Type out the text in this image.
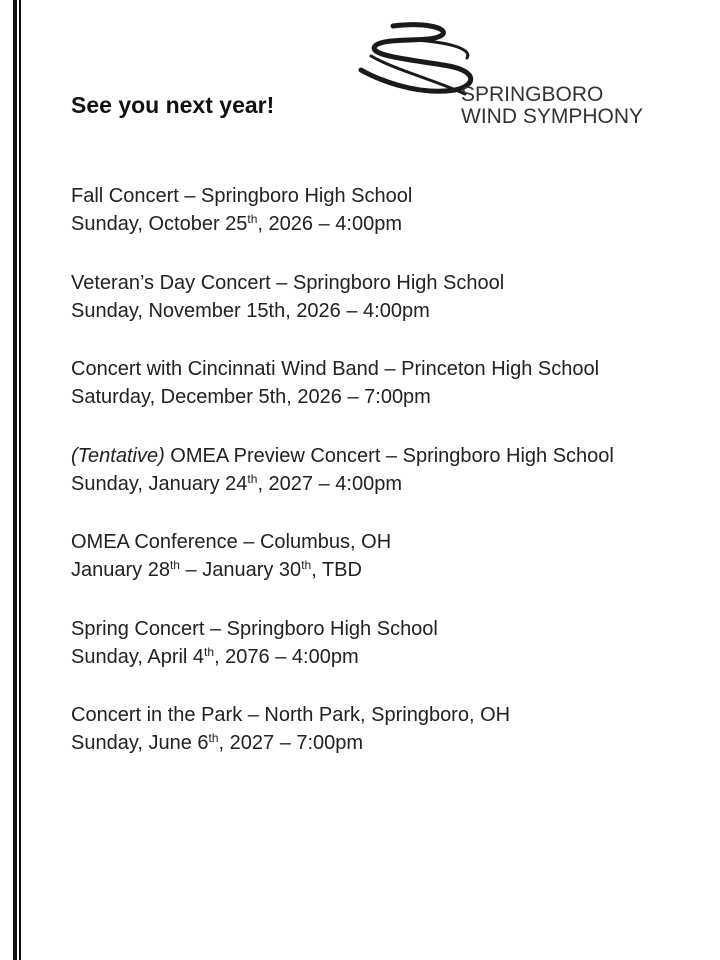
See you next year!	SPRINGBORO
WIND SYMPHONY
Fall Concert – Springboro High School
Sunday, October 25th, 2026 – 4:00pm
Veteran’s Day Concert – Springboro High School
Sunday, November 15th, 2026 – 4:00pm
Concert with Cincinnati Wind Band – Princeton High School
Saturday, December 5th, 2026 – 7:00pm
(Tentative) OMEA Preview Concert – Springboro High School
Sunday, January 24th, 2027 – 4:00pm
OMEA Conference – Columbus, OH
January 28th – January 30th, TBD
Spring Concert – Springboro High School
Sunday, April 4th, 2076 – 4:00pm
Concert in the Park – North Park, Springboro, OH
Sunday, June 6th, 2027 – 7:00pm
